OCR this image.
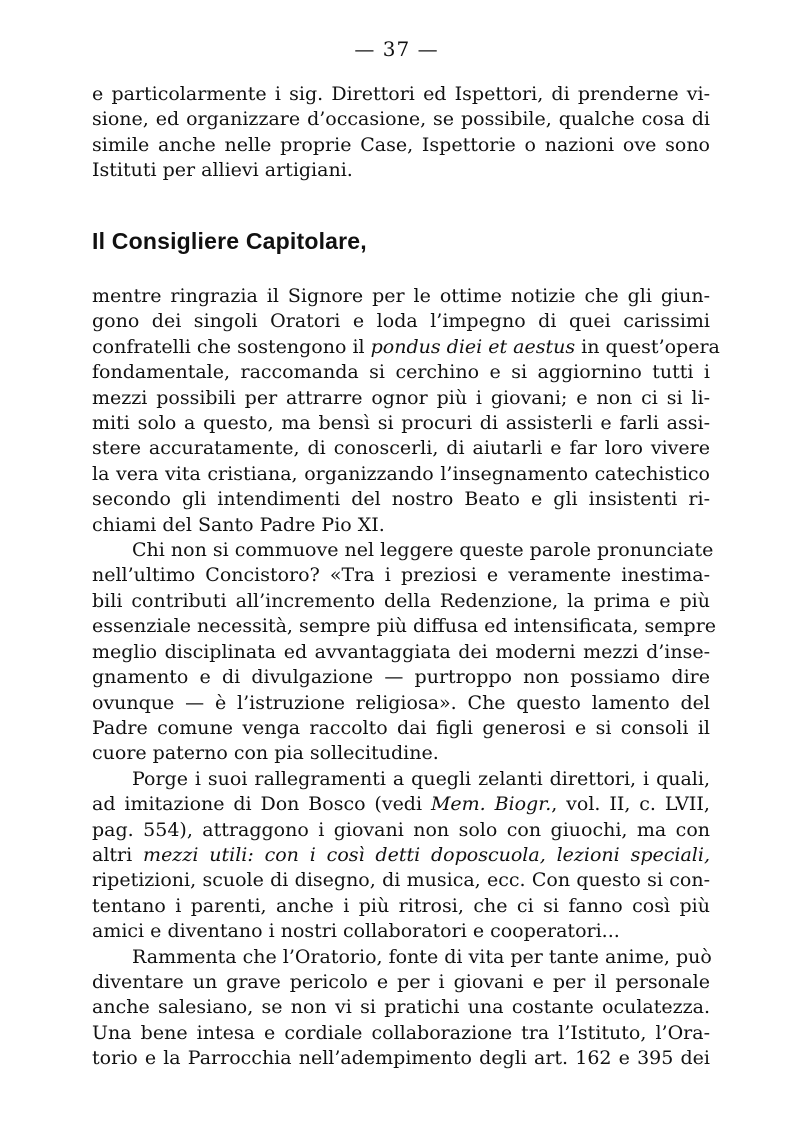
— 37 —
e particolarmente i sig. Direttori ed Ispettori, di prenderne vi-
sione, ed organizzare d’occasione, se possibile, qualche cosa di
simile anche nelle proprie Case, Ispettorie o nazioni ove sono
Istituti per allievi artigiani.
Il Consigliere Capitolare,
mentre ringrazia il Signore per le ottime notizie che gli giun-
gono dei singoli Oratori e loda l’impegno di quei carissimi
confratelli che sostengono il pondus diei et aestus in quest’opera
fondamentale, raccomanda si cerchino e si aggiornino tutti i
mezzi possibili per attrarre ognor più i giovani; e non ci si li-
miti solo a questo, ma bensì si procuri di assisterli e farli assi-
stere accuratamente, di conoscerli, di aiutarli e far loro vivere
la vera vita cristiana, organizzando l’insegnamento catechistico
secondo gli intendimenti del nostro Beato e gli insistenti ri-
chiami del Santo Padre Pio XI.
Chi non si commuove nel leggere queste parole pronunciate
nell’ultimo Concistoro? «Tra i preziosi e veramente inestima-
bili contributi all’incremento della Redenzione, la prima e più
essenziale necessità, sempre più diffusa ed intensificata, sempre
meglio disciplinata ed avvantaggiata dei moderni mezzi d’inse-
gnamento e di divulgazione — purtroppo non possiamo dire
ovunque — è l’istruzione religiosa». Che questo lamento del
Padre comune venga raccolto dai figli generosi e si consoli il
cuore paterno con pia sollecitudine.
Porge i suoi rallegramenti a quegli zelanti direttori, i quali,
ad imitazione di Don Bosco (vedi Mem. Biogr., vol. II, c. LVII,
pag. 554), attraggono i giovani non solo con giuochi, ma con
altri mezzi utili: con i così detti doposcuola, lezioni speciali,
ripetizioni, scuole di disegno, di musica, ecc. Con questo si con-
tentano i parenti, anche i più ritrosi, che ci si fanno così più
amici e diventano i nostri collaboratori e cooperatori...
Rammenta che l’Oratorio, fonte di vita per tante anime, può
diventare un grave pericolo e per i giovani e per il personale
anche salesiano, se non vi si pratichi una costante oculatezza.
Una bene intesa e cordiale collaborazione tra l’Istituto, l’Ora-
torio e la Parrocchia nell’adempimento degli art. 162 e 395 dei
